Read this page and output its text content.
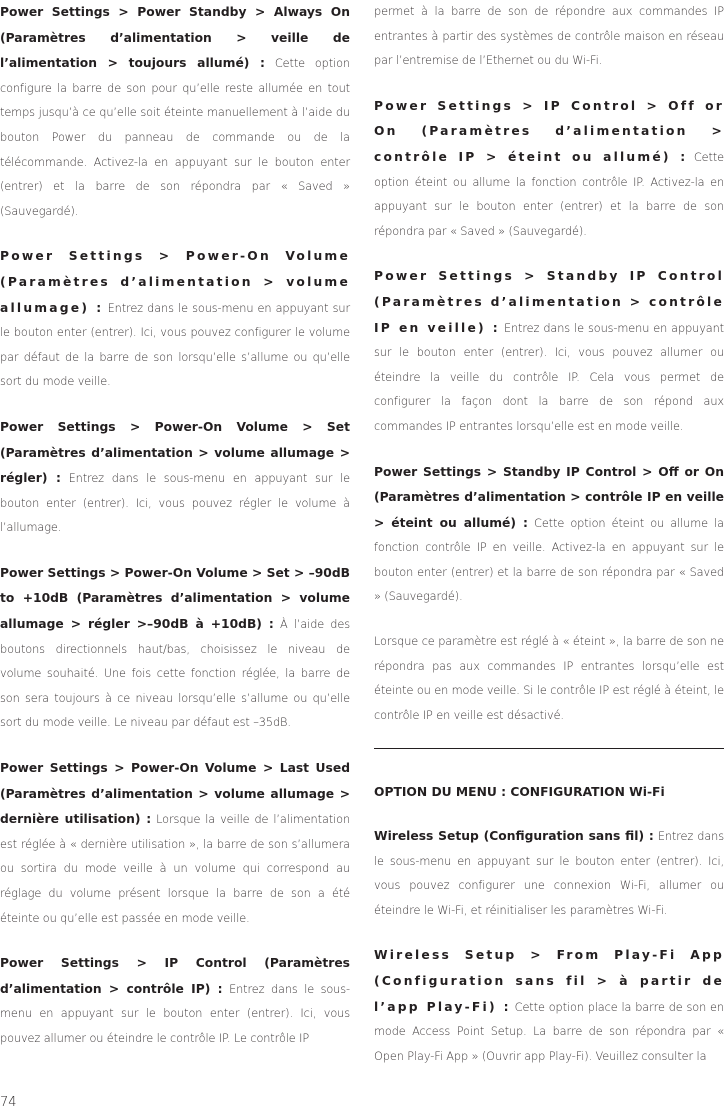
Power Settings > Power Standby > Always On (Paramètres d’alimentation > veille de l’alimentation > toujours allumé) : Cette option configure la barre de son pour qu’elle reste allumée en tout temps jusqu’à ce qu’elle soit éteinte manuellement à l’aide du bouton Power du panneau de commande ou de la télécommande. Activez-la en appuyant sur le bouton enter (entrer) et la barre de son répondra par « Saved » (Sauvegardé).

Power Settings > Power-On Volume (Paramètres d’alimentation > volume allumage) : Entrez dans le sous-menu en appuyant sur le bouton enter (entrer). Ici, vous pouvez configurer le volume par défaut de la barre de son lorsqu’elle s’allume ou qu’elle sort du mode veille.

Power Settings > Power-On Volume > Set (Paramètres d’alimentation > volume allumage > régler) : Entrez dans le sous-menu en appuyant sur le bouton enter (entrer). Ici, vous pouvez régler le volume à l’allumage.

Power Settings > Power-On Volume > Set > –90dB to +10dB (Paramètres d’alimentation > volume allumage > régler >–90dB à +10dB) : À l’aide des boutons directionnels haut/bas, choisissez le niveau de volume souhaité. Une fois cette fonction réglée, la barre de son sera toujours à ce niveau lorsqu’elle s’allume ou qu’elle sort du mode veille. Le niveau par défaut est –35dB.

Power Settings > Power-On Volume > Last Used (Paramètres d’alimentation > volume allumage > dernière utilisation) : Lorsque la veille de l’alimentation est réglée à « dernière utilisation », la barre de son s’allumera ou sortira du mode veille à un volume qui correspond au réglage du volume présent lorsque la barre de son a été éteinte ou qu’elle est passée en mode veille.

Power Settings > IP Control (Paramètres d’alimentation > contrôle IP) : Entrez dans le sous-menu en appuyant sur le bouton enter (entrer). Ici, vous pouvez allumer ou éteindre le contrôle IP. Le contrôle IP

permet à la barre de son de répondre aux commandes IP entrantes à partir des systèmes de contrôle maison en réseau par l’entremise de l’Ethernet ou du Wi-Fi.

Power Settings > IP Control > Off or On (Paramètres d’alimentation > contrôle IP > éteint ou allumé) : Cette option éteint ou allume la fonction contrôle IP. Activez-la en appuyant sur le bouton enter (entrer) et la barre de son répondra par « Saved » (Sauvegardé).

Power Settings > Standby IP Control (Paramètres d’alimentation > contrôle IP en veille) : Entrez dans le sous-menu en appuyant sur le bouton enter (entrer). Ici, vous pouvez allumer ou éteindre la veille du contrôle IP. Cela vous permet de configurer la façon dont la barre de son répond aux commandes IP entrantes lorsqu’elle est en mode veille.

Power Settings > Standby IP Control > Off or On (Paramètres d’alimentation > contrôle IP en veille > éteint ou allumé) : Cette option éteint ou allume la fonction contrôle IP en veille. Activez-la en appuyant sur le bouton enter (entrer) et la barre de son répondra par « Saved » (Sauvegardé).

Lorsque ce paramètre est réglé à « éteint », la barre de son ne répondra pas aux commandes IP entrantes lorsqu’elle est éteinte ou en mode veille. Si le contrôle IP est réglé à éteint, le contrôle IP en veille est désactivé.

OPTION DU MENU : CONFIGURATION Wi-Fi

Wireless Setup (Configuration sans fil) : Entrez dans le sous-menu en appuyant sur le bouton enter (entrer). Ici, vous pouvez configurer une connexion Wi-Fi, allumer ou éteindre le Wi-Fi, et réinitialiser les paramètres Wi-Fi.

Wireless Setup > From Play-Fi App (Configuration sans fil > à partir de l’app Play-Fi) : Cette option place la barre de son en mode Access Point Setup. La barre de son répondra par « Open Play-Fi App » (Ouvrir app Play-Fi). Veuillez consulter la

74
